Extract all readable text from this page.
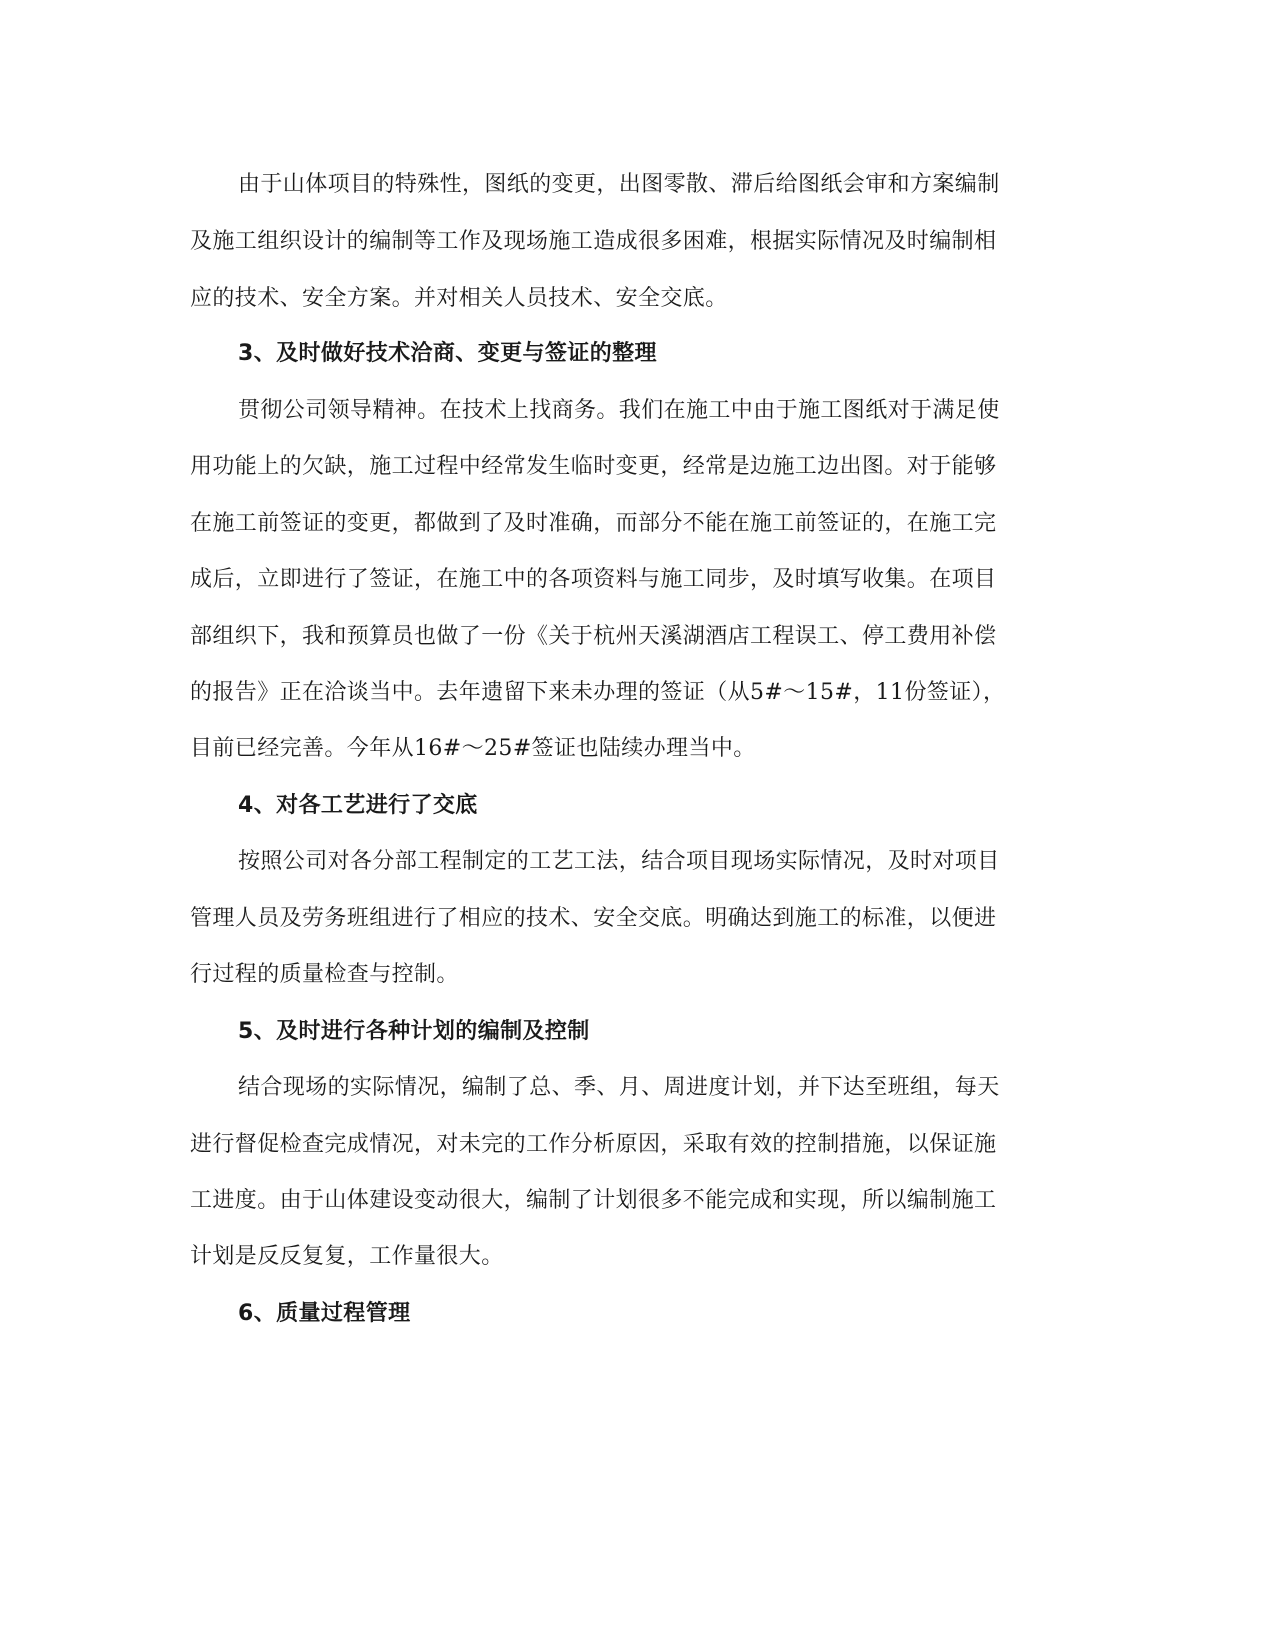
由于山体项目的特殊性，图纸的变更，出图零散、滞后给图纸会审和方案编制
及施工组织设计的编制等工作及现场施工造成很多困难，根据实际情况及时编制相
应的技术、安全方案。并对相关人员技术、安全交底。
3、及时做好技术洽商、变更与签证的整理
贯彻公司领导精神。在技术上找商务。我们在施工中由于施工图纸对于满足使
用功能上的欠缺，施工过程中经常发生临时变更，经常是边施工边出图。对于能够
在施工前签证的变更，都做到了及时准确，而部分不能在施工前签证的，在施工完
成后，立即进行了签证，在施工中的各项资料与施工同步，及时填写收集。在项目
部组织下，我和预算员也做了一份《关于杭州天溪湖酒店工程误工、停工费用补偿
的报告》正在洽谈当中。去年遗留下来未办理的签证（从5#～15#，11份签证），
目前已经完善。今年从16#～25#签证也陆续办理当中。
4、对各工艺进行了交底
按照公司对各分部工程制定的工艺工法，结合项目现场实际情况，及时对项目
管理人员及劳务班组进行了相应的技术、安全交底。明确达到施工的标准，以便进
行过程的质量检查与控制。
5、及时进行各种计划的编制及控制
结合现场的实际情况，编制了总、季、月、周进度计划，并下达至班组，每天
进行督促检查完成情况，对未完的工作分析原因，采取有效的控制措施，以保证施
工进度。由于山体建设变动很大，编制了计划很多不能完成和实现，所以编制施工
计划是反反复复，工作量很大。
6、质量过程管理
